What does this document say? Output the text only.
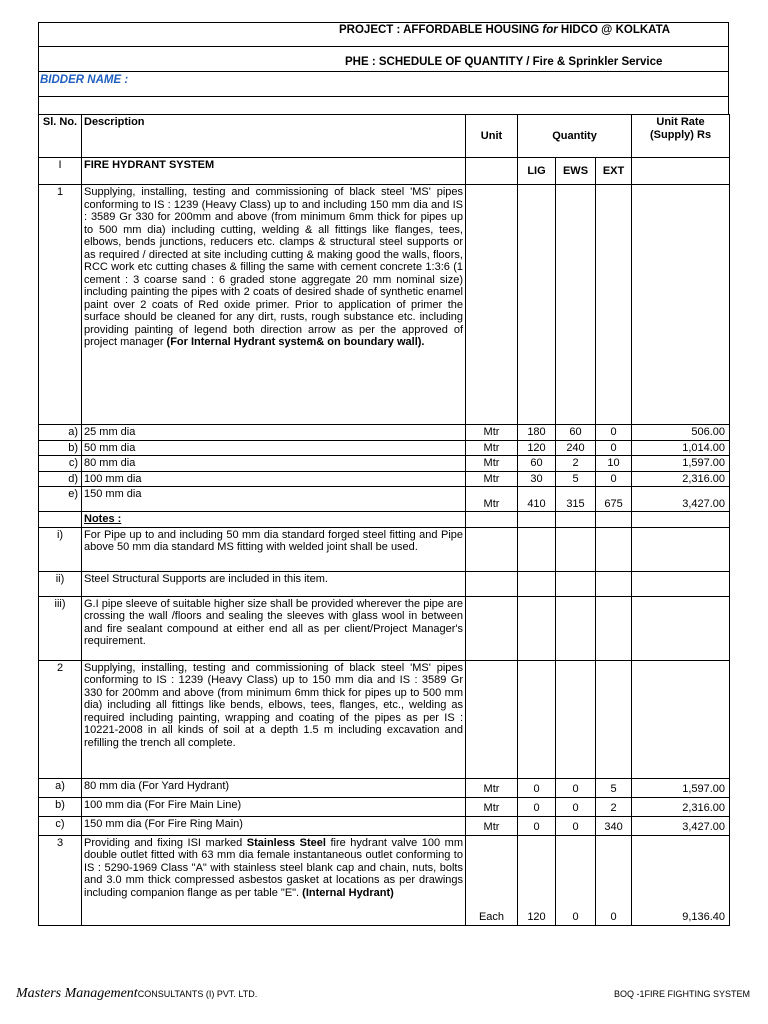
PROJECT : AFFORDABLE HOUSING for HIDCO @ KOLKATA
PHE : SCHEDULE OF QUANTITY / Fire & Sprinkler Service
BIDDER NAME :
Sl. No.	Description	Unit	Quantity			Unit Rate (Supply) Rs
I	FIRE HYDRANT SYSTEM		LIG	EWS	EXT	
1	Supplying, installing, testing and commissioning of black steel 'MS' pipes conforming to IS : 1239 (Heavy Class) up to and including 150 mm dia and IS : 3589 Gr 330 for 200mm and above (from minimum 6mm thick for pipes up to 500 mm dia) including cutting, welding & all fittings like flanges, tees, elbows, bends junctions, reducers etc. clamps & structural steel supports or as required / directed at site including cutting & making good the walls, floors, RCC work etc cutting chases & filling the same with cement concrete 1:3:6 (1 cement : 3 coarse sand : 6 graded stone aggregate 20 mm nominal size) including painting the pipes with 2 coats of desired shade of synthetic enamel paint over 2 coats of Red oxide primer. Prior to application of primer the surface should be cleaned for any dirt, rusts, rough substance etc. including providing painting of legend both direction arrow as per the approved of project manager (For Internal Hydrant system& on boundary wall).					
a)	25 mm dia	Mtr	180	60	0	506.00
b)	50 mm dia	Mtr	120	240	0	1,014.00
c)	80 mm dia	Mtr	60	2	10	1,597.00
d)	100 mm dia	Mtr	30	5	0	2,316.00
e)	150 mm dia	Mtr	410	315	675	3,427.00
	Notes :					
i)	For Pipe up to and including 50 mm dia standard forged steel fitting and Pipe above 50 mm dia standard MS fitting with welded joint shall be used.					
ii)	Steel Structural Supports are included in this item.					
iii)	G.I pipe sleeve of suitable higher size shall be provided wherever the pipe are crossing the wall /floors and sealing the sleeves with glass wool in between and fire sealant compound at either end all as per client/Project Manager's requirement.					
2	Supplying, installing, testing and commissioning of black steel 'MS' pipes conforming to IS : 1239 (Heavy Class) up to 150 mm dia and IS : 3589 Gr 330 for 200mm and above (from minimum 6mm thick for pipes up to 500 mm dia) including all fittings like bends, elbows, tees, flanges, etc., welding as required including painting, wrapping and coating of the pipes as per IS : 10221-2008 in all kinds of soil at a depth 1.5 m including excavation and refilling the trench all complete.					
a)	80 mm dia (For Yard Hydrant)	Mtr	0	0	5	1,597.00
b)	100 mm dia (For Fire Main Line)	Mtr	0	0	2	2,316.00
c)	150 mm dia (For Fire Ring Main)	Mtr	0	0	340	3,427.00
3	Providing and fixing ISI marked Stainless Steel fire hydrant valve 100 mm double outlet fitted with 63 mm dia female instantaneous outlet conforming to IS : 5290-1969 Class "A" with stainless steel blank cap and chain, nuts, bolts and 3.0 mm thick compressed asbestos gasket at locations as per drawings including companion flange as per table "E". (Internal Hydrant)	Each	120	0	0	9,136.40
Masters ManagementCONSULTANTS (I) PVT. LTD.	BOQ -1FIRE FIGHTING SYSTEM
